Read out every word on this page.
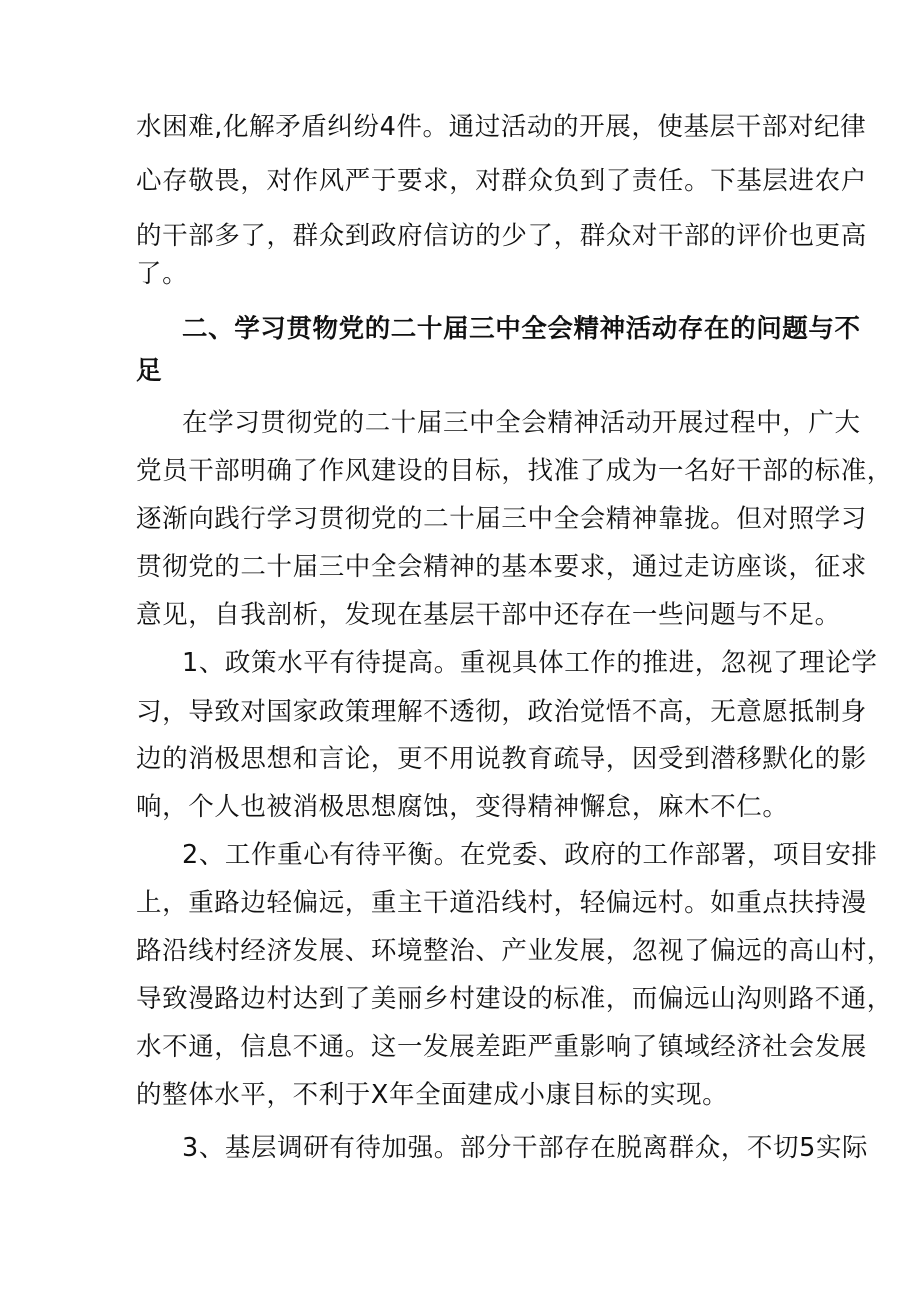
水困难,化解矛盾纠纷4件。通过活动的开展，使基层干部对纪律
心存敬畏，对作风严于要求，对群众负到了责任。下基层进农户
的干部多了，群众到政府信访的少了，群众对干部的评价也更高
了。
二、学习贯物党的二十届三中全会精神活动存在的问题与不
足
在学习贯彻党的二十届三中全会精神活动开展过程中，广大
党员干部明确了作风建设的目标，找准了成为一名好干部的标准，
逐渐向践行学习贯彻党的二十届三中全会精神靠拢。但对照学习
贯彻党的二十届三中全会精神的基本要求，通过走访座谈，征求
意见，自我剖析，发现在基层干部中还存在一些问题与不足。
1、政策水平有待提高。重视具体工作的推进，忽视了理论学
习，导致对国家政策理解不透彻，政治觉悟不高，无意愿抵制身
边的消极思想和言论，更不用说教育疏导，因受到潜移默化的影
响，个人也被消极思想腐蚀，变得精神懈怠，麻木不仁。
2、工作重心有待平衡。在党委、政府的工作部署，项目安排
上，重路边轻偏远，重主干道沿线村，轻偏远村。如重点扶持漫
路沿线村经济发展、环境整治、产业发展，忽视了偏远的高山村，
导致漫路边村达到了美丽乡村建设的标准，而偏远山沟则路不通，
水不通，信息不通。这一发展差距严重影响了镇域经济社会发展
的整体水平，不利于X年全面建成小康目标的实现。
3、基层调研有待加强。部分干部存在脱离群众，不切5实际
